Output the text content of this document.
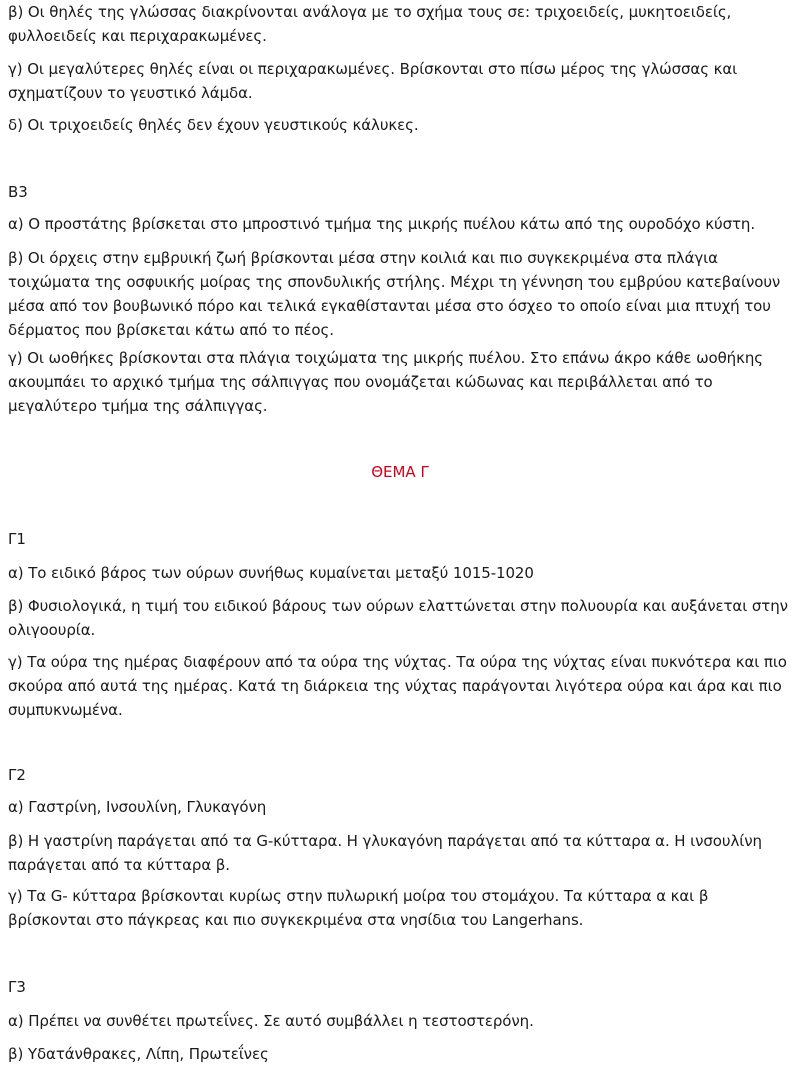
β) Οι θηλές της γλώσσας διακρίνονται ανάλογα με το σχήμα τους σε: τριχοειδείς, μυκητοειδείς, φυλλοειδείς και περιχαρακωμένες.

γ) Οι μεγαλύτερες θηλές είναι οι περιχαρακωμένες. Βρίσκονται στο πίσω μέρος της γλώσσας και σχηματίζουν το γευστικό λάμδα.

δ) Οι τριχοειδείς θηλές δεν έχουν γευστικούς κάλυκες.

Β3

α) Ο προστάτης βρίσκεται στο μπροστινό τμήμα της μικρής πυέλου κάτω από της ουροδόχο κύστη.

β) Οι όρχεις στην εμβρυική ζωή βρίσκονται μέσα στην κοιλιά και πιο συγκεκριμένα στα πλάγια τοιχώματα της οσφυικής μοίρας της σπονδυλικής στήλης. Μέχρι τη γέννηση του εμβρύου κατεβαίνουν μέσα από τον βουβωνικό πόρο και τελικά εγκαθίστανται μέσα στο όσχεο το οποίο είναι μια πτυχή του δέρματος που βρίσκεται κάτω από το πέος.

γ) Οι ωοθήκες βρίσκονται στα πλάγια τοιχώματα της μικρής πυέλου. Στο επάνω άκρο κάθε ωοθήκης ακουμπάει το αρχικό τμήμα της σάλπιγγας που ονομάζεται κώδωνας και περιβάλλεται από το μεγαλύτερο τμήμα της σάλπιγγας.

ΘΕΜΑ Γ

Γ1

α) Το ειδικό βάρος των ούρων συνήθως κυμαίνεται μεταξύ 1015-1020

β) Φυσιολογικά, η τιμή του ειδικού βάρους των ούρων ελαττώνεται στην πολυουρία και αυξάνεται στην ολιγοουρία.

γ) Τα ούρα της ημέρας διαφέρουν από τα ούρα της νύχτας. Τα ούρα της νύχτας είναι πυκνότερα και πιο σκούρα από αυτά της ημέρας. Κατά τη διάρκεια της νύχτας παράγονται λιγότερα ούρα και άρα και πιο συμπυκνωμένα.

Γ2

α) Γαστρίνη, Ινσουλίνη, Γλυκαγόνη

β) Η γαστρίνη παράγεται από τα G-κύτταρα. Η γλυκαγόνη παράγεται από τα κύτταρα α. Η ινσουλίνη παράγεται από τα κύτταρα β.

γ) Τα G- κύτταρα βρίσκονται κυρίως στην πυλωρική μοίρα του στομάχου. Τα κύτταρα α και β βρίσκονται στο πάγκρεας και πιο συγκεκριμένα στα νησίδια του Langerhans.

Γ3

α) Πρέπει να συνθέτει πρωτεΐνες. Σε αυτό συμβάλλει η τεστοστερόνη.

β) Υδατάνθρακες, Λίπη, Πρωτεΐνες
